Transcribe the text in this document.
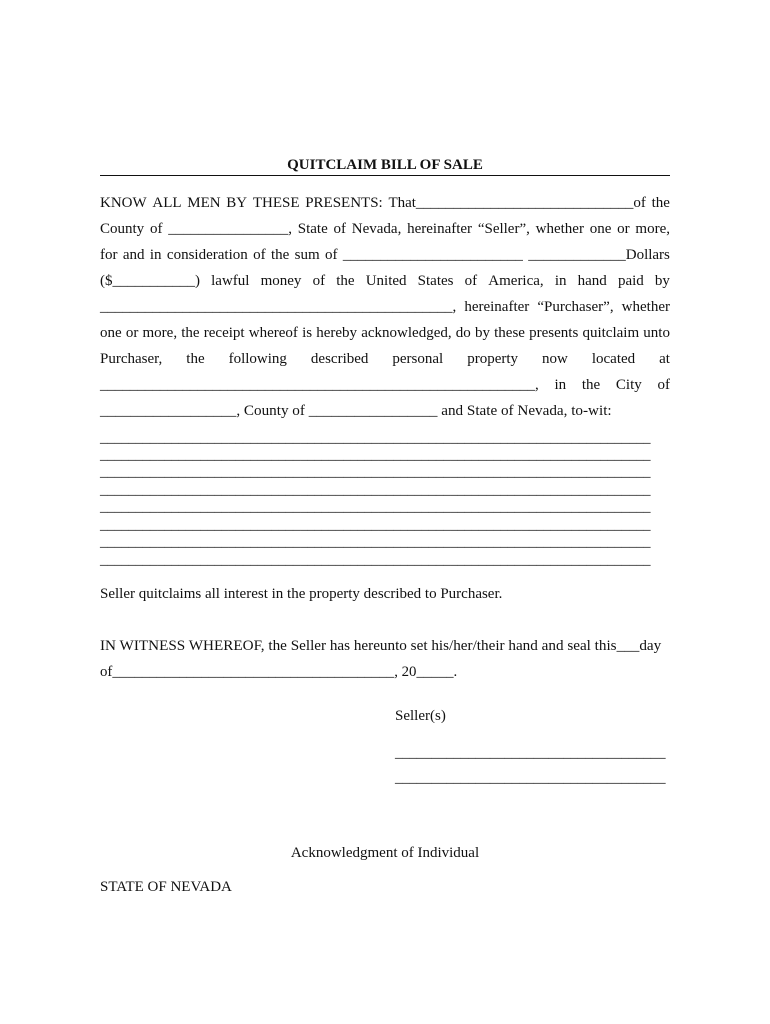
QUITCLAIM BILL OF SALE
KNOW ALL MEN BY THESE PRESENTS: That_____________________________of the
County of ________________, State of Nevada, hereinafter “Seller”, whether one or more,
for and in consideration of the sum of ________________________ _____________Dollars
($___________) lawful money of the United States of America, in hand paid by
_______________________________________________, hereinafter “Purchaser”, whether
one or more, the receipt whereof is hereby acknowledged, do by these presents quitclaim unto
Purchaser, the following described personal property now located at
__________________________________________________________, in the City of
__________________, County of _________________ and State of Nevada, to-wit:
_____________________________________________________________________________
_____________________________________________________________________________
_____________________________________________________________________________
_____________________________________________________________________________
_____________________________________________________________________________
_____________________________________________________________________________
_____________________________________________________________________________
_____________________________________________________________________________
Seller quitclaims all interest in the property described to Purchaser.
IN WITNESS WHEREOF, the Seller has hereunto set his/her/their hand and seal this___day
of______________________________________, 20_____.
Seller(s)
_____________________________________
_____________________________________
Acknowledgment of Individual
STATE OF NEVADA
